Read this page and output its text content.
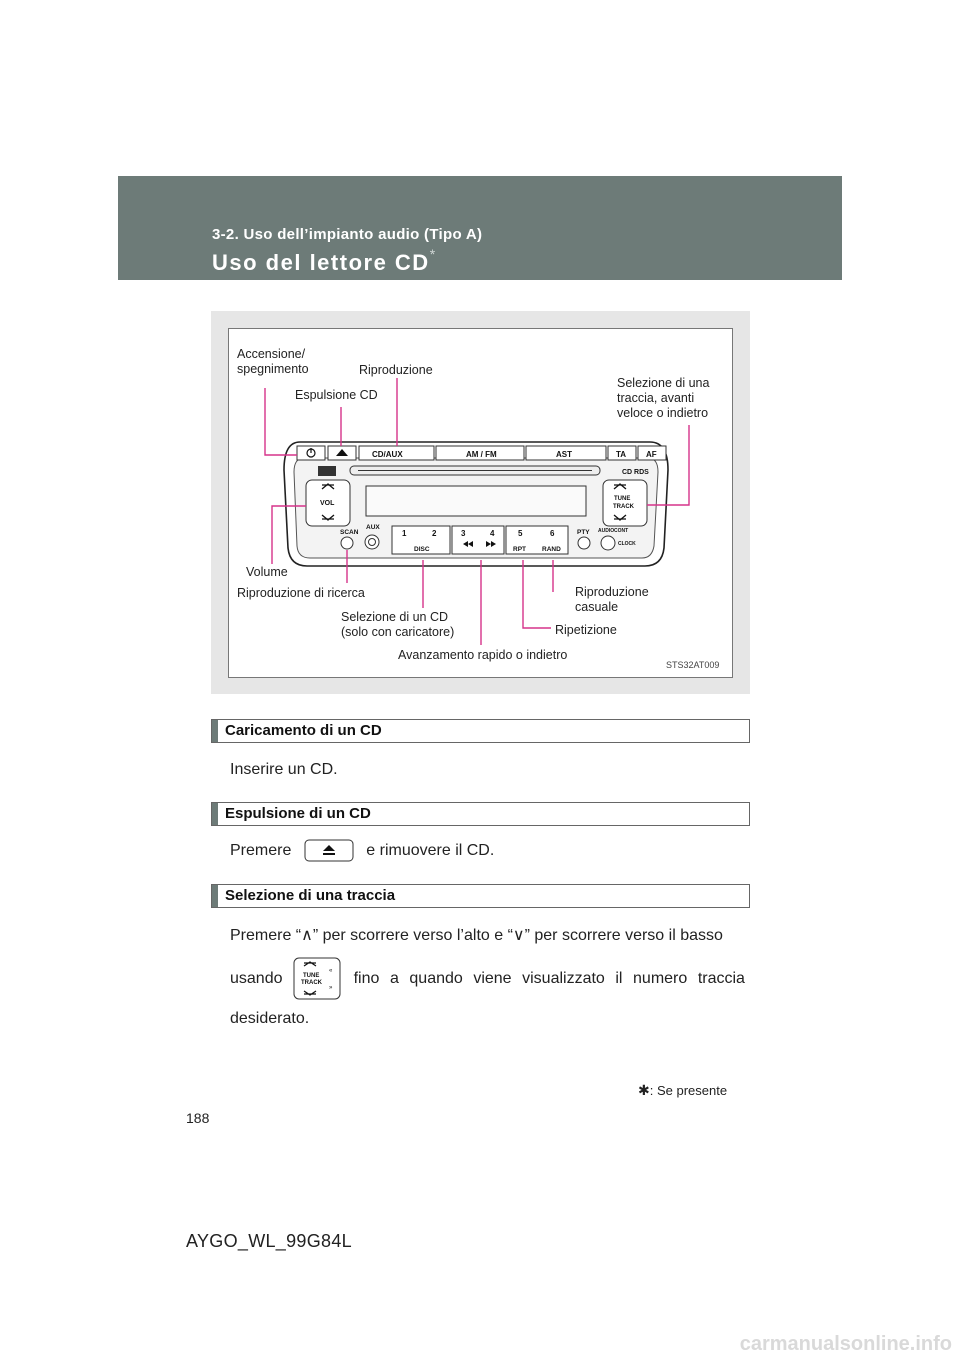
3-2. Uso dell’impianto audio (Tipo A)
Uso del lettore CD*
CD/AUX	AM / FM	AST	TA AF
CD RDS
VOL
TUNE
TRACK
SCAN
AUX
1	2	3	4	5	6
DISC	RPT RAND
PTY AUDIO CONT
CLOCK
Accensione/
spegnimento	Riproduzione
Espulsione CD
Selezione di una
traccia, avanti
veloce o indietro
Volume
Riproduzione di ricerca
Selezione di un CD
(solo con caricatore)
Riproduzione
casuale
Ripetizione
Avanzamento rapido o indietro
STS32AT009
Caricamento di un CD
Inserire un CD.
Espulsione di un CD
Premere	e rimuovere il CD.
Selezione di una traccia
Premere “∧” per scorrere verso l’alto e “∨” per scorrere verso il basso
usando	TUNE
TRACK
«
»
fino a quando viene visualizzato il numero traccia
desiderato.
✱: Se presente
188
AYGO_WL_99G84L
carmanualsonline.info
